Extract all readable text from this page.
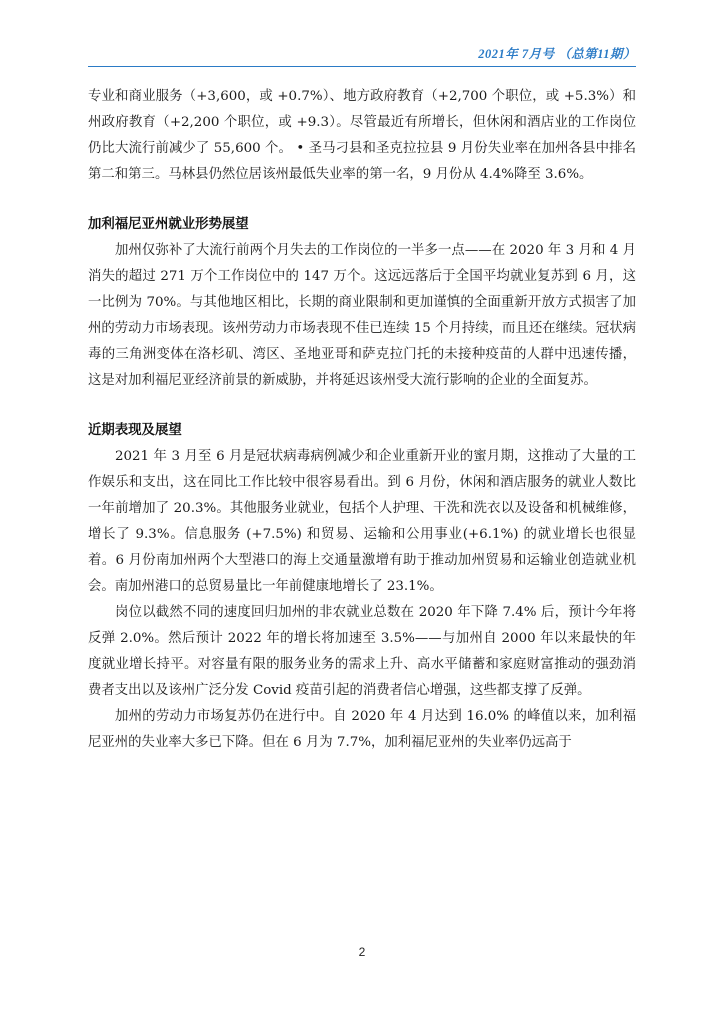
2021年 7月号 （总第11期）

专业和商业服务（+3,600，或 +0.7%）、地方政府教育（+2,700 个职位，或 +5.3%）和州政府教育（+2,200 个职位，或 +9.3）。尽管最近有所增长，但休闲和酒店业的工作岗位仍比大流行前减少了 55,600 个。 • 圣马刁县和圣克拉拉县 9 月份失业率在加州各县中排名第二和第三。马林县仍然位居该州最低失业率的第一名，9 月份从 4.4%降至 3.6%。

加利福尼亚州就业形势展望

加州仅弥补了大流行前两个月失去的工作岗位的一半多一点——在 2020 年 3 月和 4 月消失的超过 271 万个工作岗位中的 147 万个。这远远落后于全国平均就业复苏到 6 月，这一比例为 70%。与其他地区相比，长期的商业限制和更加谨慎的全面重新开放方式损害了加州的劳动力市场表现。该州劳动力市场表现不佳已连续 15 个月持续，而且还在继续。冠状病毒的三角洲变体在洛杉矶、湾区、圣地亚哥和萨克拉门托的未接种疫苗的人群中迅速传播，这是对加利福尼亚经济前景的新威胁，并将延迟该州受大流行影响的企业的全面复苏。

近期表现及展望

2021 年 3 月至 6 月是冠状病毒病例减少和企业重新开业的蜜月期，这推动了大量的工作娱乐和支出，这在同比工作比较中很容易看出。到 6 月份，休闲和酒店服务的就业人数比一年前增加了 20.3%。其他服务业就业，包括个人护理、干洗和洗衣以及设备和机械维修，增长了 9.3%。信息服务 (+7.5%) 和贸易、运输和公用事业(+6.1%) 的就业增长也很显着。6 月份南加州两个大型港口的海上交通量激增有助于推动加州贸易和运输业创造就业机会。南加州港口的总贸易量比一年前健康地增长了 23.1%。

岗位以截然不同的速度回归加州的非农就业总数在 2020 年下降 7.4% 后，预计今年将反弹 2.0%。然后预计 2022 年的增长将加速至 3.5%——与加州自 2000 年以来最快的年度就业增长持平。对容量有限的服务业务的需求上升、高水平储蓄和家庭财富推动的强劲消费者支出以及该州广泛分发 Covid 疫苗引起的消费者信心增强，这些都支撑了反弹。

加州的劳动力市场复苏仍在进行中。自 2020 年 4 月达到 16.0% 的峰值以来，加利福尼亚州的失业率大多已下降。但在 6 月为 7.7%，加利福尼亚州的失业率仍远高于

2
